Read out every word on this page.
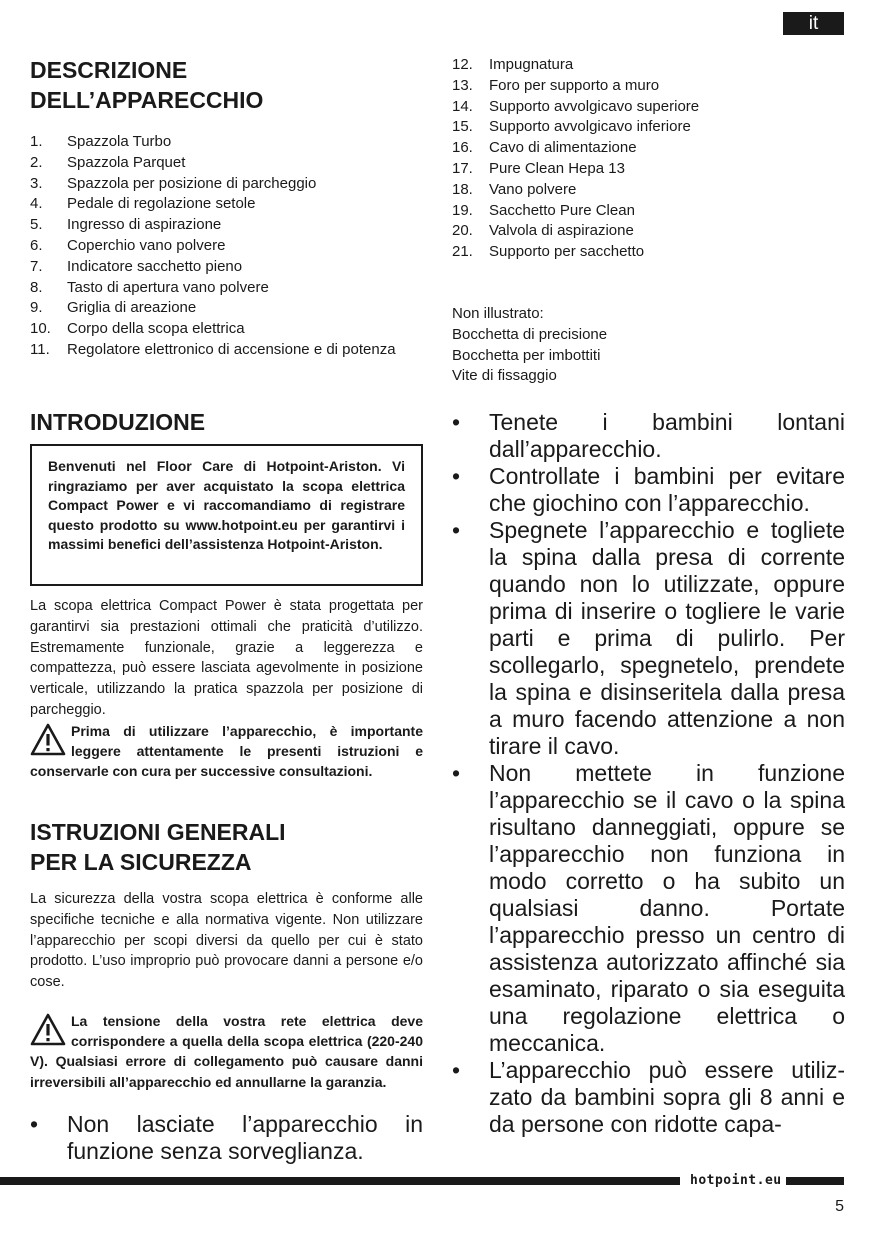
it
DESCRIZIONE
DELL’APPARECCHIO
1.	Spazzola Turbo
2.	Spazzola Parquet
3.	Spazzola per posizione di parcheggio
4.	Pedale di regolazione setole
5.	Ingresso di aspirazione
6.	Coperchio vano polvere
7.	Indicatore sacchetto pieno
8.	Tasto di apertura vano polvere
9.	Griglia di areazione
10.	Corpo della scopa elettrica
11.	Regolatore elettronico di accensione e di potenza
INTRODUZIONE
Benvenuti nel Floor Care di Hotpoint-Ariston. Vi ringraziamo per aver acquistato la scopa elettrica Compact Power e vi raccomandiamo di registrare questo prodotto su www.hotpoint.eu per garantirvi i massimi benefici dell’assistenza Hotpoint-Ariston.

La scopa elettrica Compact Power è stata progettata per garantirvi sia prestazioni ottimali che praticità d’utilizzo. Estremamente funzionale, grazie a leggerezza e compattezza, può essere lasciata agevolmente in posizione verticale, utilizzando la pratica spazzola per posizione di parcheggio.

Prima di utilizzare l’apparecchio, è importante leggere attentamente le presenti istruzioni e conservarle con cura per successive consultazioni.

ISTRUZIONI GENERALI
PER LA SICUREZZA

La sicurezza della vostra scopa elettrica è conforme alle specifiche tecniche e alla normativa vigente. Non utilizzare l’apparecchio per scopi diversi da quello per cui è stato prodotto. L’uso improprio può provocare danni a persone e/o cose.

La tensione della vostra rete elettrica deve corrispondere a quella della scopa elettrica (220-240 V). Qualsiasi errore di collegamento può causare danni irreversibili all’apparecchio ed annullarne la garanzia.

• Non lasciate l’apparecchio in funzione senza sorveglianza.
12.	Impugnatura
13.	Foro per supporto a muro
14.	Supporto avvolgicavo superiore
15.	Supporto avvolgicavo inferiore
16.	Cavo di alimentazione
17.	Pure Clean Hepa 13
18.	Vano polvere
19.	Sacchetto Pure Clean
20.	Valvola di aspirazione
21.	Supporto per sacchetto
Non illustrato:
Bocchetta di precisione
Bocchetta per imbottiti
Vite di fissaggio
• Tenete i bambini lontani dall’apparecchio.
• Controllate i bambini per evitare che giochino con l’apparecchio.
• Spegnete l’apparecchio e togliete la spina dalla presa di corrente quando non lo utilizzate, oppure prima di inserire o togliere le varie parti e prima di pulirlo. Per scollegarlo, spegnetelo, prendete la spina e disinseritela dalla presa a muro facendo attenzione a non tirare il cavo.
• Non mettete in funzione l’apparecchio se il cavo o la spina risultano danneggiati, oppure se l’apparecchio non funziona in modo corretto o ha subito un qualsiasi danno. Portate l’apparecchio presso un centro di assistenza autorizzato affinché sia esaminato, riparato o sia eseguita una regolazione elettrica o meccanica.
• L’apparecchio può essere utilizzato da bambini sopra gli 8 anni e da persone con ridotte capa-
hotpoint.eu
5
